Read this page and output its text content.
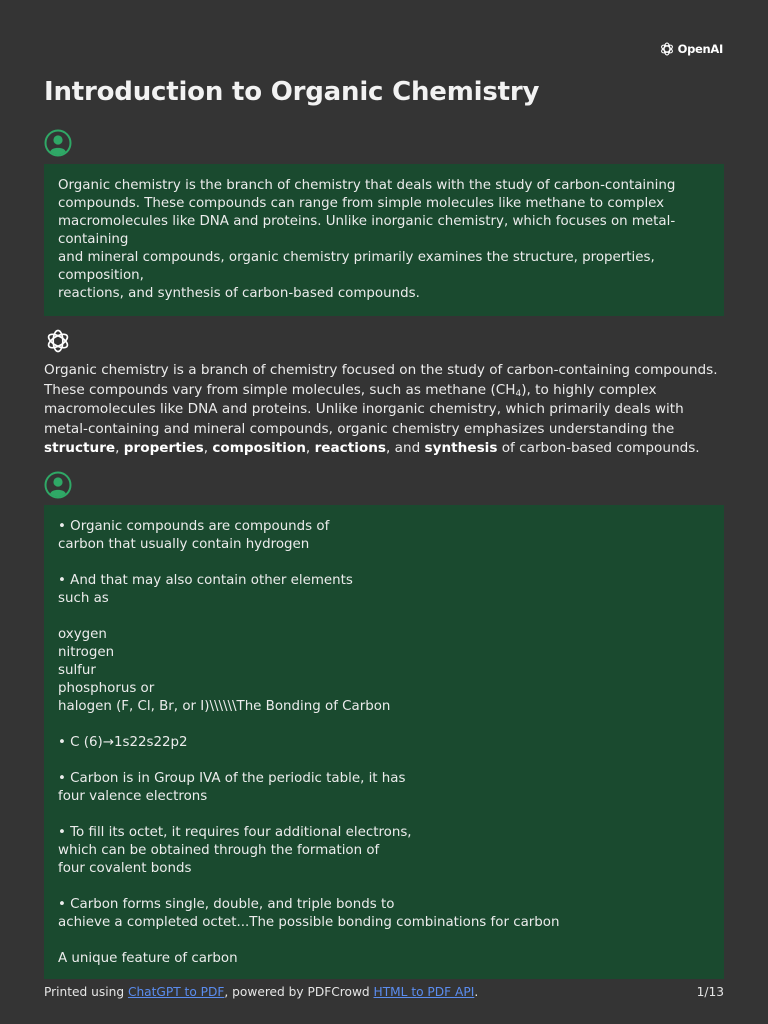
OpenAI
Introduction to Organic Chemistry

Organic chemistry is the branch of chemistry that deals with the study of carbon-containing

compounds. These compounds can range from simple molecules like methane to complex

macromolecules like DNA and proteins. Unlike inorganic chemistry, which focuses on metal-

containing

and mineral compounds, organic chemistry primarily examines the structure, properties,

composition,

reactions, and synthesis of carbon-based compounds.

Organic chemistry is a branch of chemistry focused on the study of carbon-containing compounds. These compounds vary from simple molecules, such as methane $(CH_4)$, to highly complex macromolecules like DNA and proteins. Unlike inorganic chemistry, which primarily deals with metal-containing and mineral compounds, organic chemistry emphasizes understanding the structure, properties, composition, reactions, and synthesis of carbon-based compounds.

• Organic compounds are compounds of

carbon that usually contain hydrogen

• And that may also contain other elements

such as

oxygen

nitrogen

sulfur

phosphorus or

halogen (F, Cl, Br, or I)\\\\\\The Bonding of Carbon

• C (6)→1s22s22p2

• Carbon is in Group IVA of the periodic table, it has

four valence electrons

• To fill its octet, it requires four additional electrons,

which can be obtained through the formation of

four covalent bonds

• Carbon forms single, double, and triple bonds to

achieve a completed octet...The possible bonding combinations for carbon

A unique feature of carbon

Printed using ChatGPT to PDF, powered by PDFCrowd HTML to PDF API.	1/13
